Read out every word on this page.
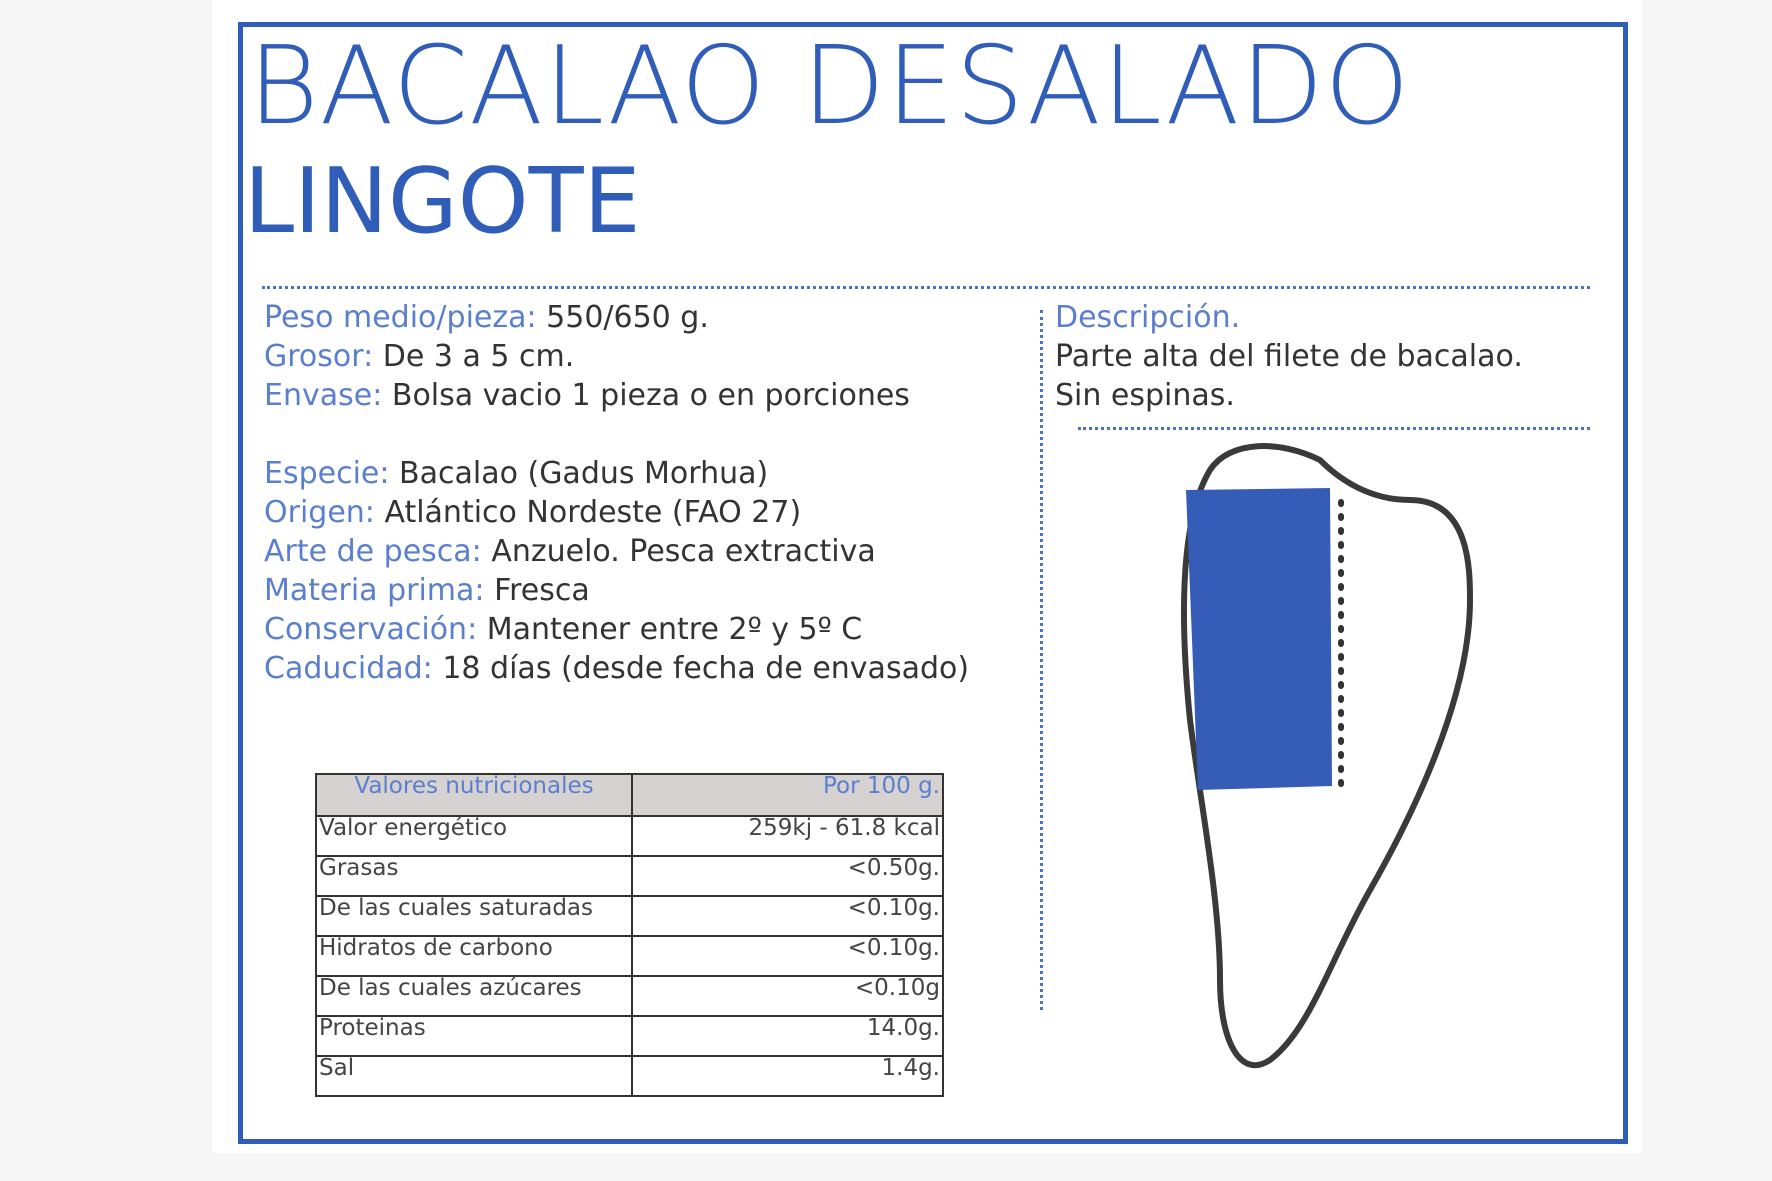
BACALAO DESALADO
LINGOTE
Peso medio/pieza: 550/650 g.
Grosor: De 3 a 5 cm.
Envase: Bolsa vacio 1 pieza o en porciones
Especie: Bacalao (Gadus Morhua)
Origen: Atlántico Nordeste (FAO 27)
Arte de pesca: Anzuelo. Pesca extractiva
Materia prima: Fresca
Conservación: Mantener entre 2º y 5º C
Caducidad: 18 días (desde fecha de envasado)
Descripción.
Parte alta del filete de bacalao.
Sin espinas.
Valores nutricionales	Por 100 g.
Valor energético	259kj - 61.8 kcal
Grasas	<0.50g.
De las cuales saturadas	<0.10g.
Hidratos de carbono	<0.10g.
De las cuales azúcares	<0.10g
Proteinas	14.0g.
Sal	1.4g.
